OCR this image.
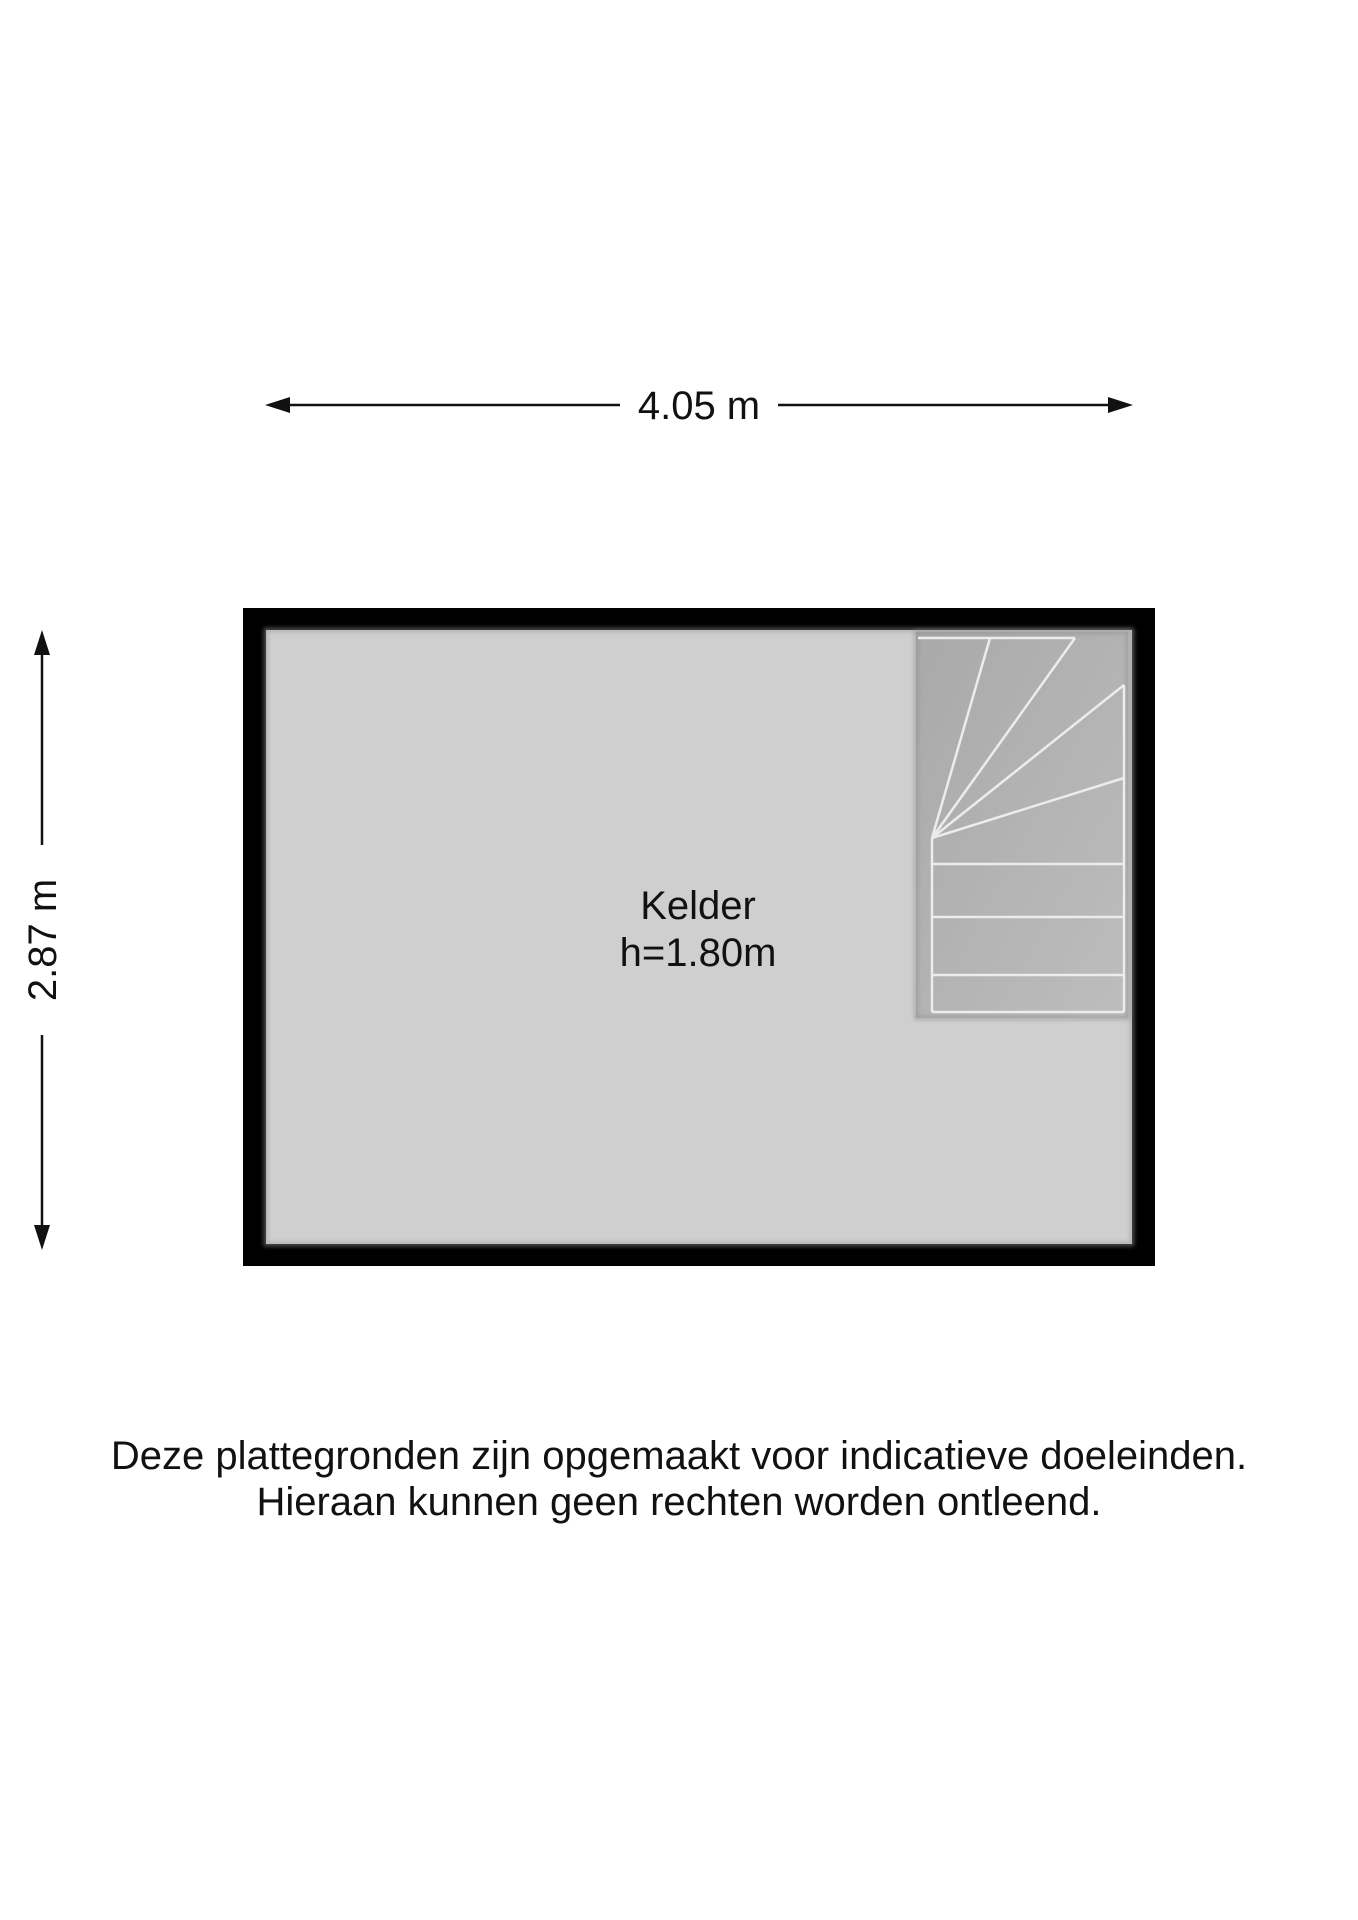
4.05 m
2.87 m	Kelder
h=1.80m
Deze plattegronden zijn opgemaakt voor indicatieve doeleinden.
Hieraan kunnen geen rechten worden ontleend.
